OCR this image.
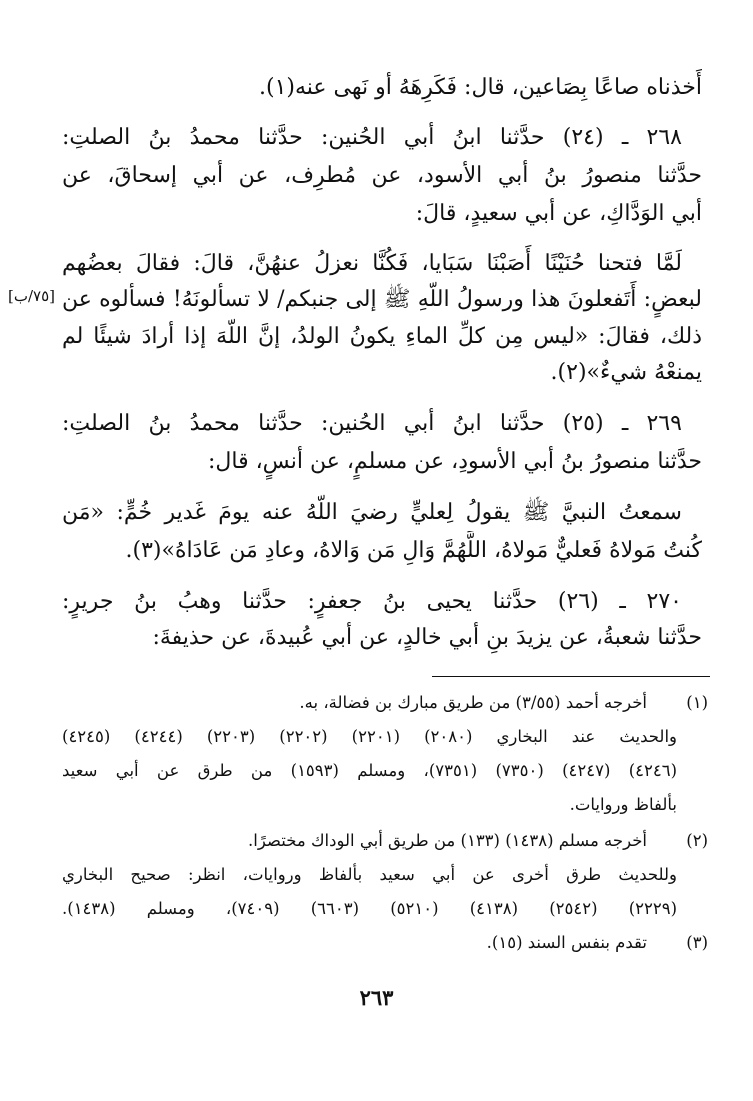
أَخذناه صاعًا بِصَاعين، قال: فَكَرِهَهُ أو نَهى عنه(١).
٢٦٨ ـ (٢٤) حدَّثنا ابنُ أبي الحُنين: حدَّثنا محمدُ بنُ الصلتِ:
حدَّثنا منصورُ بنُ أبي الأسود، عن مُطرِف، عن أبي إسحاقَ، عن
أبي الوَدَّاكِ، عن أبي سعيدٍ، قالَ:
لَمَّا فتحنا حُنَيْنًا أَصَبْنَا سَبَايا، فَكُنَّا نعزلُ عنهُنَّ، قالَ: فقالَ بعضُهم
لبعضٍ: أَتَفعلونَ هذا ورسولُ اللّهِ ﷺ إلى جنبكم/ لا تسألونَهُ! فسألوه عن
[٧٥/ب]
ذلك، فقالَ: «ليس مِن كلِّ الماءِ يكونُ الولدُ، إنَّ اللّهَ إذا أرادَ شيئًا لم
يمنعْهُ شيءٌ»(٢).
٢٦٩ ـ (٢٥) حدَّثنا ابنُ أبي الحُنين: حدَّثنا محمدُ بنُ الصلتِ:
حدَّثنا منصورُ بنُ أبي الأسودِ، عن مسلمٍ، عن أنسٍ، قال:
سمعتُ النبيَّ ﷺ يقولُ لِعليٍّ رضيَ اللّهُ عنه يومَ غَدير خُمٍّ: «مَن
كُنتُ مَولاهُ فَعليٌّ مَولاهُ، اللَّهُمَّ وَالِ مَن وَالاهُ، وعادِ مَن عَادَاهُ»(٣).
٢٧٠ ـ (٢٦) حدَّثنا يحيى بنُ جعفرٍ: حدَّثنا وهبُ بنُ جريرٍ:
حدَّثنا شعبةُ، عن يزيدَ بنِ أبي خالدٍ، عن أبي عُبيدةَ، عن حذيفةَ:
(١)
أخرجه أحمد (٣/٥٥) من طريق مبارك بن فضالة، به.
والحديث عند البخاري (٢٠٨٠) (٢٢٠١) (٢٢٠٢) (٢٢٠٣) (٤٢٤٤) (٤٢٤٥)
(٤٢٤٦) (٤٢٤٧) (٧٣٥٠) (٧٣٥١)، ومسلم (١٥٩٣) من طرق عن أبي سعيد
بألفاظ وروايات.
(٢)
أخرجه مسلم (١٤٣٨) (١٣٣) من طريق أبي الوداك مختصرًا.
وللحديث طرق أخرى عن أبي سعيد بألفاظ وروايات، انظر: صحيح البخاري
(٢٢٢٩) (٢٥٤٢) (٤١٣٨) (٥٢١٠) (٦٦٠٣) (٧٤٠٩)، ومسلم (١٤٣٨).
(٣)
تقدم بنفس السند (١٥).
٢٦٣
